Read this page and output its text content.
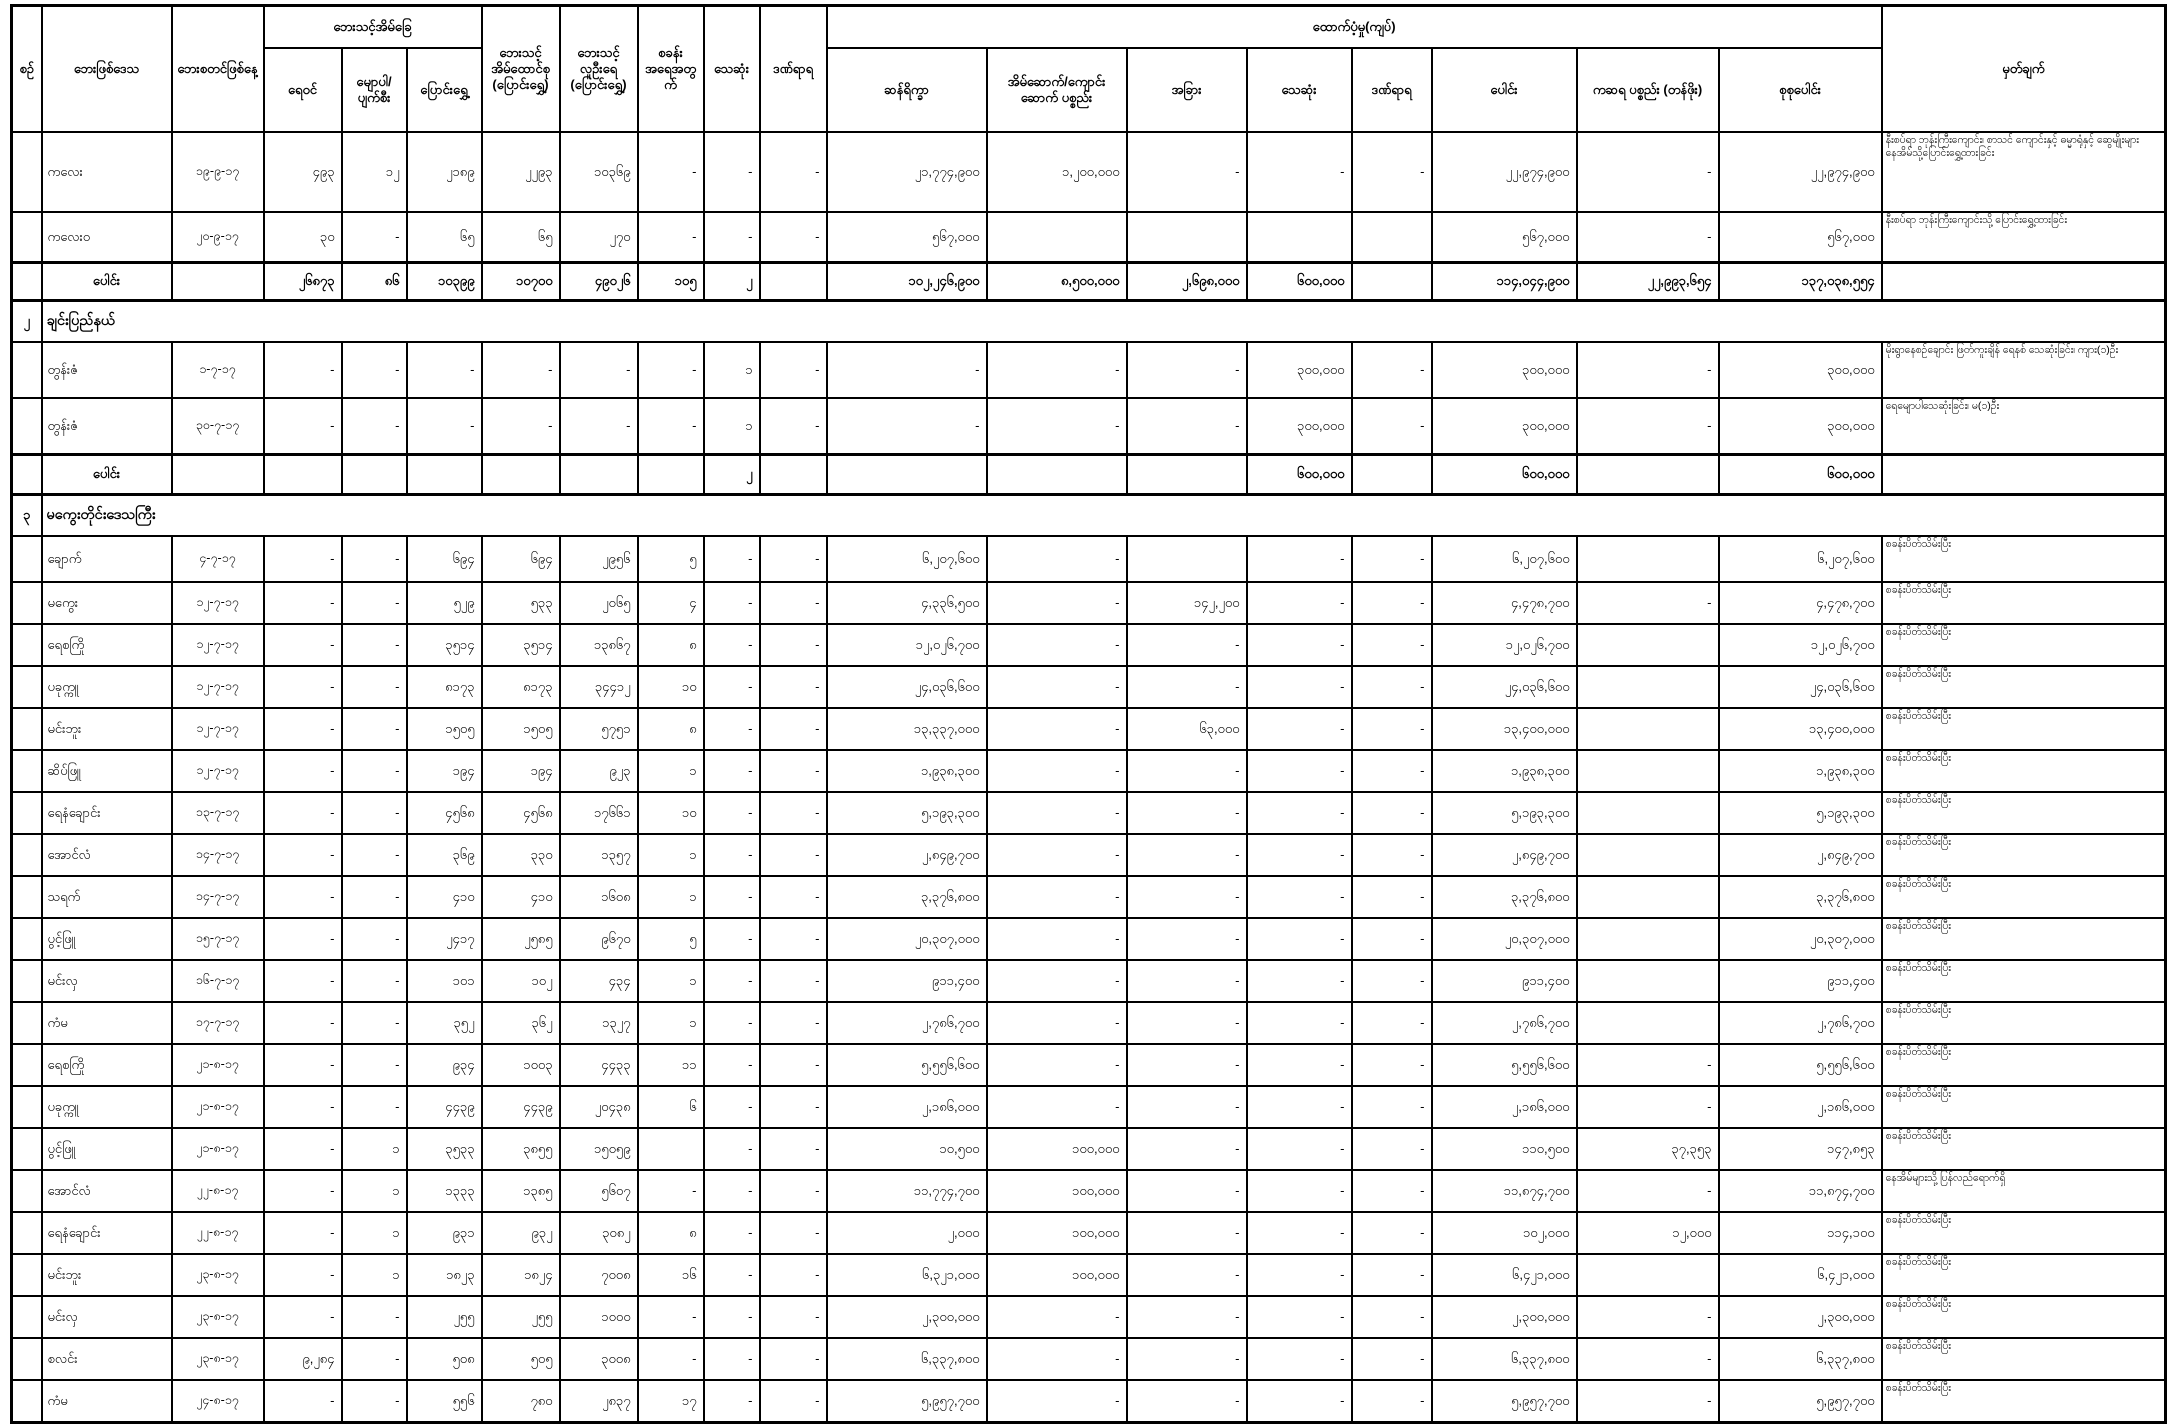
စဉ်	ဘေးဖြစ်ဒေသ	ဘေးစတင်ဖြစ်နေ့	ဘေးသင့်အိမ်ခြေ			ဘေးသင့်အိမ်ထောင်စု (ပြောင်းရွှေ့)	ဘေးသင့်လူဦးရေ (ပြောင်းရွှေ့)	စခန်းအရေအတွက်	သေဆုံး	ဒဏ်ရာရ	ထောက်ပံ့မှု(ကျပ်)								မှတ်ချက်
			ရေဝင်	မျောပါ/ပျက်စီး	ပြောင်းရွှေ့						ဆန်ရိက္ခာ	အိမ်ဆောက်/ကျောင်းဆောက် ပစ္စည်း	အခြား	သေဆုံး	ဒဏ်ရာရ	ပေါင်း	ကဆရ ပစ္စည်း (တန်ဖိုး)	စုစုပေါင်း	
	ကလေး	၁၉-၉-၁၇	၄၉၃	၁၂	၂၁၈၉	၂၂၉၃	၁၀၃၆၉	-	-	-	၂၁,၇၇၄,၉၀၀	၁,၂၀၀,၀၀၀	-	-	-	၂၂,၉၇၄,၉၀၀	-	၂၂,၉၇၄,၉၀၀	နီးစပ်ရာ ဘုန်းကြီးကျောင်း၊ စာသင် ကျောင်းနှင့် ဓမ္မာရုံနှင့် ဆွေမျိုးများ နေအိမ်သို့ပြောင်းရွှေ့ထားခြင်း
	ကလေးဝ	၂၀-၉-၁၇	၃၀	-	၆၅	၆၅	၂၇၀	-	-	-	၅၆၇,၀၀၀					၅၆၇,၀၀၀	-	၅၆၇,၀၀၀	နီးစပ်ရာ ဘုန်းကြီးကျောင်းသို့ ပြောင်းရွှေ့ထားခြင်း
	ပေါင်း		၂၆၈၇၃	၈၆	၁၀၃၉၉	၁၀၇၀၀	၄၉၀၂၆	၁၀၅	၂		၁၀၂,၂၄၆,၉၀၀	၈,၅၀၀,၀၀၀	၂,၆၉၈,၀၀၀	၆၀၀,၀၀၀		၁၁၄,၀၄၄,၉၀၀	၂၂,၉၉၃,၆၅၄	၁၃၇,၀၃၈,၅၅၄	
၂	ချင်းပြည်နယ်																		
	တွန်းဇံ	၁-၇-၁၇	-	-	-	-	-	-	၁	-	-	-	-	၃၀၀,၀၀၀	-	၃၀၀,၀၀၀	-	၃၀၀,၀၀၀	မိုးရွာနေစဉ်ချောင်း ဖြတ်ကူးချိန် ရေနစ် သေဆုံးခြင်း၊ ကျား(၁)ဦး
	တွန်းဇံ	၃၀-၇-၁၇	-	-	-	-	-	-	၁	-	-	-	-	၃၀၀,၀၀၀	-	၃၀၀,၀၀၀	-	၃၀၀,၀၀၀	ရေမျောပါသေဆုံးခြင်း၊ မ(၁)ဦး
	ပေါင်း								၂					၆၀၀,၀၀၀		၆၀၀,၀၀၀		၆၀၀,၀၀၀	
၃	မကွေးတိုင်းဒေသကြီး																		
	ချောက်	၄-၇-၁၇	-	-	၆၉၄	၆၉၄	၂၉၅၆	၅	-	-	၆,၂၀၇,၆၀၀	-		-	-	၆,၂၀၇,၆၀၀		၆,၂၀၇,၆၀၀	စခန်းပိတ်သိမ်းပြီး
	မကွေး	၁၂-၇-၁၇	-	-	၅၂၉	၅၃၃	၂၀၆၅	၄	-	-	၄,၃၃၆,၅၀၀	-	၁၄၂,၂၀၀	-	-	၄,၄၇၈,၇၀၀	-	၄,၄၇၈,၇၀၀	စခန်းပိတ်သိမ်းပြီး
	ရေစကြို	၁၂-၇-၁၇	-	-	၃၅၁၄	၃၅၁၄	၁၃၈၆၇	၈	-	-	၁၂,၀၂၆,၇၀၀	-	-	-	-	၁၂,၀၂၆,၇၀၀		၁၂,၀၂၆,၇၀၀	စခန်းပိတ်သိမ်းပြီး
	ပခုက္ကူ	၁၂-၇-၁၇	-	-	၈၁၇၃	၈၁၇၃	၃၄၄၁၂	၁၀	-	-	၂၄,၀၃၆,၆၀၀	-	-	-	-	၂၄,၀၃၆,၆၀၀		၂၄,၀၃၆,၆၀၀	စခန်းပိတ်သိမ်းပြီး
	မင်းဘူး	၁၂-၇-၁၇	-	-	၁၅၀၅	၁၅၀၅	၅၇၅၁	၈	-	-	၁၃,၃၃၇,၀၀၀	-	၆၃,၀၀၀	-	-	၁၃,၄၀၀,၀၀၀		၁၃,၄၀၀,၀၀၀	စခန်းပိတ်သိမ်းပြီး
	ဆိပ်ဖြူ	၁၂-၇-၁၇	-	-	၁၉၄	၁၉၄	၉၂၃	၁	-	-	၁,၉၃၈,၃၀၀	-	-	-	-	၁,၉၃၈,၃၀၀		၁,၉၃၈,၃၀၀	စခန်းပိတ်သိမ်းပြီး
	ရေနံချောင်း	၁၃-၇-၁၇	-	-	၄၅၆၈	၄၅၆၈	၁၇၆၆၁	၁၀	-	-	၅,၁၉၃,၃၀၀	-	-	-	-	၅,၁၉၃,၃၀၀		၅,၁၉၃,၃၀၀	စခန်းပိတ်သိမ်းပြီး
	အောင်လံ	၁၄-၇-၁၇	-	-	၃၆၉	၃၃၀	၁၃၅၇	၁	-	-	၂,၈၄၉,၇၀၀	-	-	-	-	၂,၈၄၉,၇၀၀		၂,၈၄၉,၇၀၀	စခန်းပိတ်သိမ်းပြီး
	သရက်	၁၄-၇-၁၇	-	-	၄၁၀	၄၁၀	၁၆၀၈	၁	-	-	၃,၃၇၆,၈၀၀	-	-	-	-	၃,၃၇၆,၈၀၀		၃,၃၇၆,၈၀၀	စခန်းပိတ်သိမ်းပြီး
	ပွင့်ဖြူ	၁၅-၇-၁၇	-	-	၂၄၁၇	၂၅၈၅	၉၆၇၀	၅	-	-	၂၀,၃၀၇,၀၀၀	-	-	-	-	၂၀,၃၀၇,၀၀၀		၂၀,၃၀၇,၀၀၀	စခန်းပိတ်သိမ်းပြီး
	မင်းလှ	၁၆-၇-၁၇	-	-	၁၀၁	၁၀၂	၄၃၄	၁	-	-	၉၁၁,၄၀၀	-	-	-	-	၉၁၁,၄၀၀		၉၁၁,၄၀၀	စခန်းပိတ်သိမ်းပြီး
	ကံမ	၁၇-၇-၁၇	-	-	၃၅၂	၃၆၂	၁၃၂၇	၁	-	-	၂,၇၈၆,၇၀၀	-	-	-	-	၂,၇၈၆,၇၀၀		၂,၇၈၆,၇၀၀	စခန်းပိတ်သိမ်းပြီး
	ရေစကြို	၂၁-၈-၁၇	-	-	၉၃၄	၁၀၀၃	၄၄၃၃	၁၁	-	-	၅,၅၅၆,၆၀၀	-	-	-	-	၅,၅၅၆,၆၀၀	-	၅,၅၅၆,၆၀၀	စခန်းပိတ်သိမ်းပြီး
	ပခုက္ကူ	၂၁-၈-၁၇	-	-	၄၄၃၉	၄၄၃၉	၂၀၄၃၈	၆	-	-	၂,၁၈၆,၀၀၀	-	-	-	-	၂,၁၈၆,၀၀၀	-	၂,၁၈၆,၀၀၀	စခန်းပိတ်သိမ်းပြီး
	ပွင့်ဖြူ	၂၁-၈-၁၇	-	၁	၃၅၃၃	၃၈၅၅	၁၅၀၅၉		-	-	၁၀,၅၀၀	၁၀၀,၀၀၀	-	-	-	၁၁၀,၅၀၀	၃၇,၃၅၃	၁၄၇,၈၅၃	စခန်းပိတ်သိမ်းပြီး
	အောင်လံ	၂၂-၈-၁၇	-	၁	၁၃၃၃	၁၃၈၅	၅၆၀၇	-	-	-	၁၁,၇၇၄,၇၀၀	၁၀၀,၀၀၀	-	-	-	၁၁,၈၇၄,၇၀၀	-	၁၁,၈၇၄,၇၀၀	နေအိမ်များသို့ပြန်လည်ရောက်ရှိ
	ရေနံချောင်း	၂၂-၈-၁၇	-	၁	၉၃၁	၉၃၂	၃၀၈၂	၈	-	-	၂,၀၀၀	၁၀၀,၀၀၀	-	-	-	၁၀၂,၀၀၀	၁၂,၀၀၀	၁၁၄,၁၀၀	စခန်းပိတ်သိမ်းပြီး
	မင်းဘူး	၂၃-၈-၁၇	-	၁	၁၈၂၃	၁၈၂၄	၇၀၀၈	၁၆	-	-	၆,၃၂၁,၀၀၀	၁၀၀,၀၀၀	-	-	-	၆,၄၂၁,၀၀၀		၆,၄၂၁,၀၀၀	စခန်းပိတ်သိမ်းပြီး
	မင်းလှ	၂၃-၈-၁၇	-	-	၂၅၅	၂၅၅	၁၀၀၀	-	-	-	၂,၃၀၀,၀၀၀	-	-	-	-	၂,၃၀၀,၀၀၀	-	၂,၃၀၀,၀၀၀	စခန်းပိတ်သိမ်းပြီး
	စလင်း	၂၃-၈-၁၇	၉,၂၈၄	-	၅၀၈	၅၀၅	၃၀၀၈	-	-	-	၆,၃၃၇,၈၀၀	-	-	-	-	၆,၃၃၇,၈၀၀	-	၆,၃၃၇,၈၀၀	စခန်းပိတ်သိမ်းပြီး
	ကံမ	၂၄-၈-၁၇	-	-	၅၅၆	၇၈၀	၂၈၃၇	၁၇	-	-	၅,၉၅၇,၇၀၀	-	-	-	-	၅,၉၅၇,၇၀၀	-	၅,၉၅၇,၇၀၀	စခန်းပိတ်သိမ်းပြီး
